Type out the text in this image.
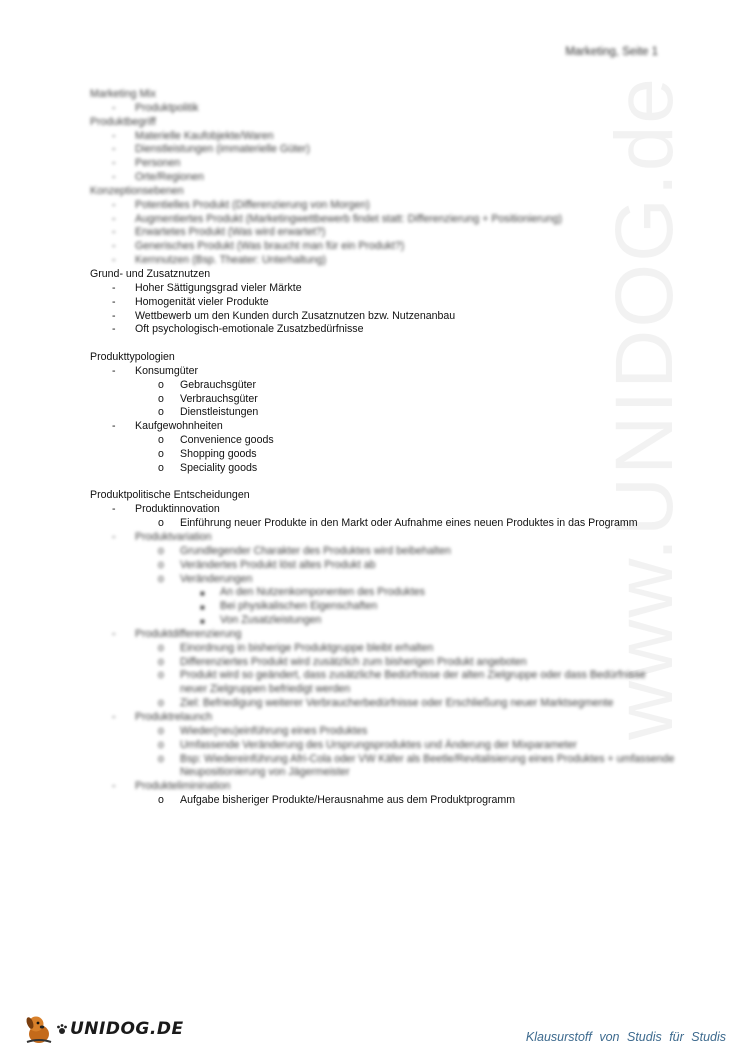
Marketing, Seite 1
www.UNIDOG.de
Marketing Mix
- Produktpolitik
Produktbegriff
- Materielle Kaufobjekte/Waren
- Dienstleistungen (immaterielle Güter)
- Personen
- Orte/Regionen
Konzeptionsebenen
- Potentielles Produkt (Differenzierung von Morgen)
- Augmentiertes Produkt (Marketingwettbewerb findet statt: Differenzierung + Positionierung)
- Erwartetes Produkt (Was wird erwartet?)
- Generisches Produkt (Was braucht man für ein Produkt?)
- Kernnutzen (Bsp. Theater: Unterhaltung)
Grund- und Zusatznutzen
- Hoher Sättigungsgrad vieler Märkte
- Homogenität vieler Produkte
- Wettbewerb um den Kunden durch Zusatznutzen bzw. Nutzenanbau
- Oft psychologisch-emotionale Zusatzbedürfnisse
Produkttypologien
- Konsumgüter
o Gebrauchsgüter
o Verbrauchsgüter
o Dienstleistungen
- Kaufgewohnheiten
o Convenience goods
o Shopping goods
o Speciality goods
Produktpolitische Entscheidungen
- Produktinnovation
o Einführung neuer Produkte in den Markt oder Aufnahme eines neuen Produktes in das Programm
- Produktvariation
o Grundlegender Charakter des Produktes wird beibehalten
o Verändertes Produkt löst altes Produkt ab
o Veränderungen
■ An den Nutzenkomponenten des Produktes
■ Bei physikalischen Eigenschaften
■ Von Zusatzleistungen
- Produktdifferenzierung
o Einordnung in bisherige Produktgruppe bleibt erhalten
o Differenziertes Produkt wird zusätzlich zum bisherigen Produkt angeboten
o Produkt wird so geändert, dass zusätzliche Bedürfnisse der alten Zielgruppe oder dass Bedürfnisse
neuer Zielgruppen befriedigt werden
o Ziel: Befriedigung weiterer Verbraucherbedürfnisse oder Erschließung neuer Marktsegmente
- Produktrelaunch
o Wieder(neu)einführung eines Produktes
o Umfassende Veränderung des Ursprungsproduktes und Änderung der Mixparameter
o Bsp: Wiedereinführung Afri-Cola oder VW Käfer als Beetle/Revitalisierung eines Produktes + umfassende
Neupositionierung von Jägermeister
- Produkteliminination
o Aufgabe bisheriger Produkte/Herausnahme aus dem Produktprogramm
UNIDOG.DE	Klausurstoff von Studis für Studis
